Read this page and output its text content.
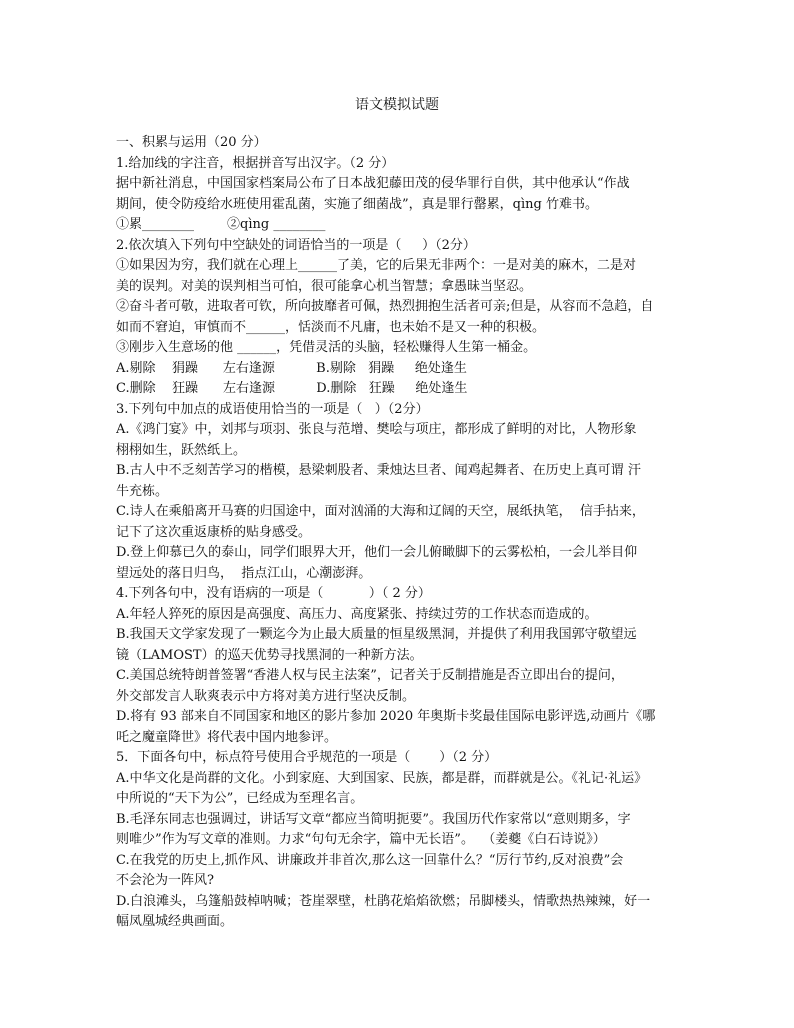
语文模拟试题
一、积累与运用（20 分）
1.给加线的字注音，根据拼音写出汉字。（2 分）
据中新社消息，中国国家档案局公布了日本战犯藤田茂的侵华罪行自供，其中他承认“作战
期间，使令防疫给水班使用霍乱菌，实施了细菌战”，真是罪行罄累，qìng 竹难书。
①累________        ②qìng ________
2.依次填入下列句中空缺处的词语恰当的一项是（     ）（2分）
①如果因为穷，我们就在心理上______了美，它的后果无非两个：一是对美的麻木，二是对
美的误判。对美的误判相当可怕，很可能拿心机当智慧；拿愚昧当坚忍。
②奋斗者可敬，进取者可钦，所向披靡者可佩，热烈拥抱生活者可亲;但是，从容而不急趋，自
如而不窘迫，审慎而不______，恬淡而不凡庸，也未始不是又一种的积极。
③刚步入生意场的他 ______，凭借灵活的头脑，轻松赚得人生第一桶金。
A.剔除    狷躁      左右逢源          B.剔除   狷躁     绝处逢生
C.删除    狂躁      左右逢源          D.删除   狂躁     绝处逢生
3.下列句中加点的成语使用恰当的一项是（   ）（2分）
A.《鸿门宴》中，刘邦与项羽、张良与范增、樊哙与项庄，都形成了鲜明的对比，人物形象
栩栩如生，跃然纸上。
B.古人中不乏刻苦学习的楷模，悬梁刺股者、秉烛达旦者、闻鸡起舞者、在历史上真可谓 汗
牛充栋。
C.诗人在乘船离开马赛的归国途中，面对汹涌的大海和辽阔的天空，展纸执笔，  信手拈来，
记下了这次重返康桥的贴身感受。
D.登上仰慕已久的泰山，同学们眼界大开，他们一会儿俯瞰脚下的云雾松柏，一会儿举目仰
望远处的落日归鸟，  指点江山，心潮澎湃。
4.下列各句中，没有语病的一项是（           ）（ 2 分）
A.年轻人猝死的原因是高强度、高压力、高度紧张、持续过劳的工作状态而造成的。
B.我国天文学家发现了一颗迄今为止最大质量的恒星级黑洞，并提供了利用我国郭守敬望远
镜（LAMOST）的巡天优势寻找黑洞的一种新方法。
C.美国总统特朗普签署“香港人权与民主法案”，记者关于反制措施是否立即出台的提问，
外交部发言人耿爽表示中方将对美方进行坚决反制。
D.将有 93 部来自不同国家和地区的影片参加 2020 年奥斯卡奖最佳国际电影评选,动画片《哪
吒之魔童降世》将代表中国内地参评。
5．下面各句中，标点符号使用合乎规范的一项是（       ）（2 分）
A.中华文化是尚群的文化。小到家庭、大到国家、民族，都是群，而群就是公。《礼记·礼运》
中所说的“天下为公”，已经成为至理名言。
B.毛泽东同志也强调过，讲话写文章“都应当简明扼要”。我国历代作家常以“意则期多，字
则唯少”作为写文章的准则。力求“句句无余字，篇中无长语”。  （姜夔《白石诗说》）
C.在我党的历史上,抓作风、讲廉政并非首次,那么这一回靠什么？“厉行节约,反对浪费”会
不会沦为一阵风?
D.白浪滩头，乌篷船鼓棹呐喊；苍崖翠壁，杜鹃花焰焰欲燃；吊脚楼头，情歌热热辣辣，好一
幅凤凰城经典画面。
